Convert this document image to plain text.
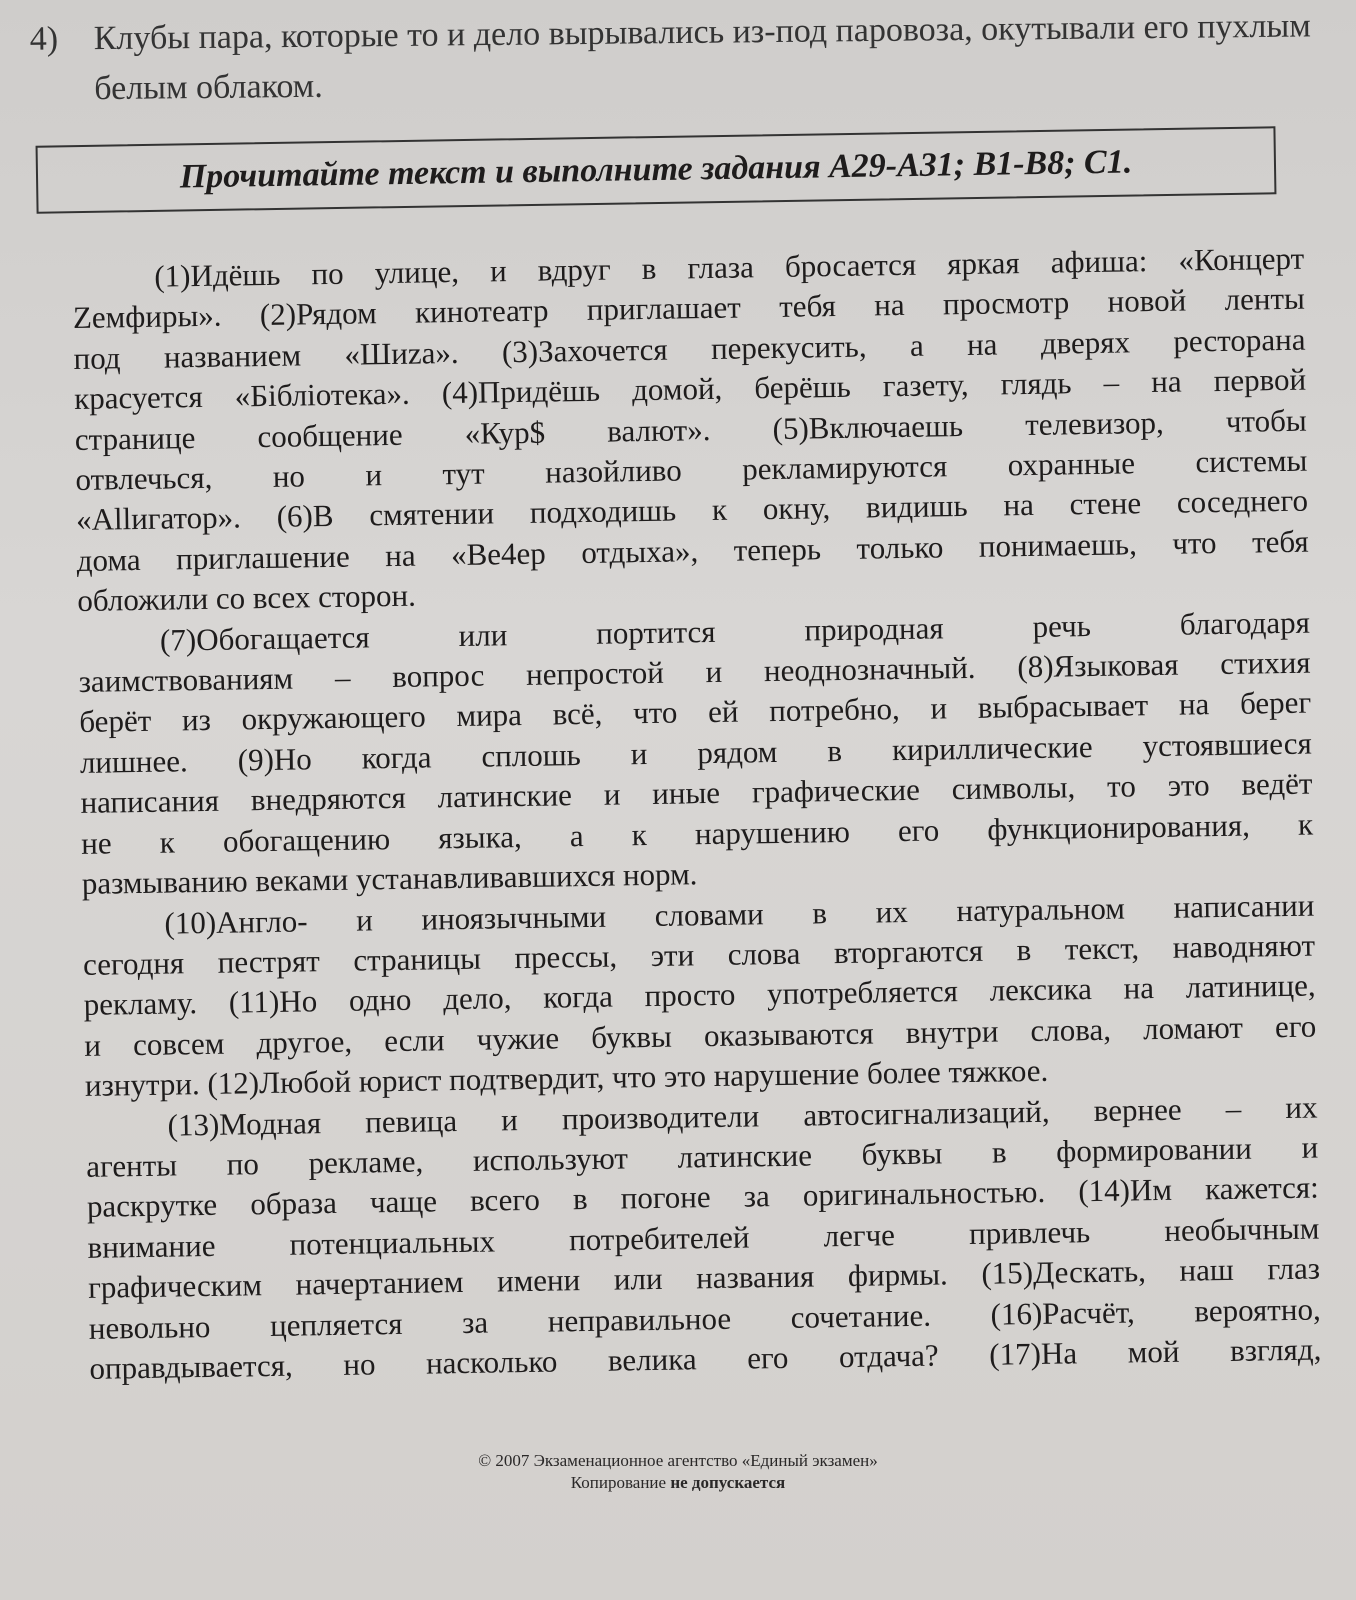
4) Клубы пара, которые то и дело вырывались из-под паровоза, окутывали его пухлым белым облаком.
Прочитайте текст и выполните задания А29-А31; В1-В8; С1.
(1)Идёшь по улице, и вдруг в глаза бросается яркая афиша: «Концерт
Zемфиры». (2)Рядом кинотеатр приглашает тебя на просмотр новой ленты
под названием «Шиzа». (3)Захочется перекусить, а на дверях ресторана
красуется «Бiблiотека». (4)Придёшь домой, берёшь газету, глядь – на первой
странице сообщение «Кур$ валют». (5)Включаешь телевизор, чтобы
отвлечься, но и тут назойливо рекламируются охранные системы
«Allигатор». (6)В смятении подходишь к окну, видишь на стене соседнего
дома приглашение на «Ве4ер отдыха», теперь только понимаешь, что тебя
обложили со всех сторон.
(7)Обогащается или портится природная речь благодаря
заимствованиям – вопрос непростой и неоднозначный. (8)Языковая стихия
берёт из окружающего мира всё, что ей потребно, и выбрасывает на берег
лишнее. (9)Но когда сплошь и рядом в кириллические устоявшиеся
написания внедряются латинские и иные графические символы, то это ведёт
не к обогащению языка, а к нарушению его функционирования, к
размыванию веками устанавливавшихся норм.
(10)Англо- и иноязычными словами в их натуральном написании
сегодня пестрят страницы прессы, эти слова вторгаются в текст, наводняют
рекламу. (11)Но одно дело, когда просто употребляется лексика на латинице,
и совсем другое, если чужие буквы оказываются внутри слова, ломают его
изнутри. (12)Любой юрист подтвердит, что это нарушение более тяжкое.
(13)Модная певица и производители автосигнализаций, вернее – их
агенты по рекламе, используют латинские буквы в формировании и
раскрутке образа чаще всего в погоне за оригинальностью. (14)Им кажется:
внимание потенциальных потребителей легче привлечь необычным
графическим начертанием имени или названия фирмы. (15)Дескать, наш глаз
невольно цепляется за неправильное сочетание. (16)Расчёт, вероятно,
оправдывается, но насколько велика его отдача? (17)На мой взгляд,
© 2007 Экзаменационное агентство «Единый экзамен»
Копирование не допускается
